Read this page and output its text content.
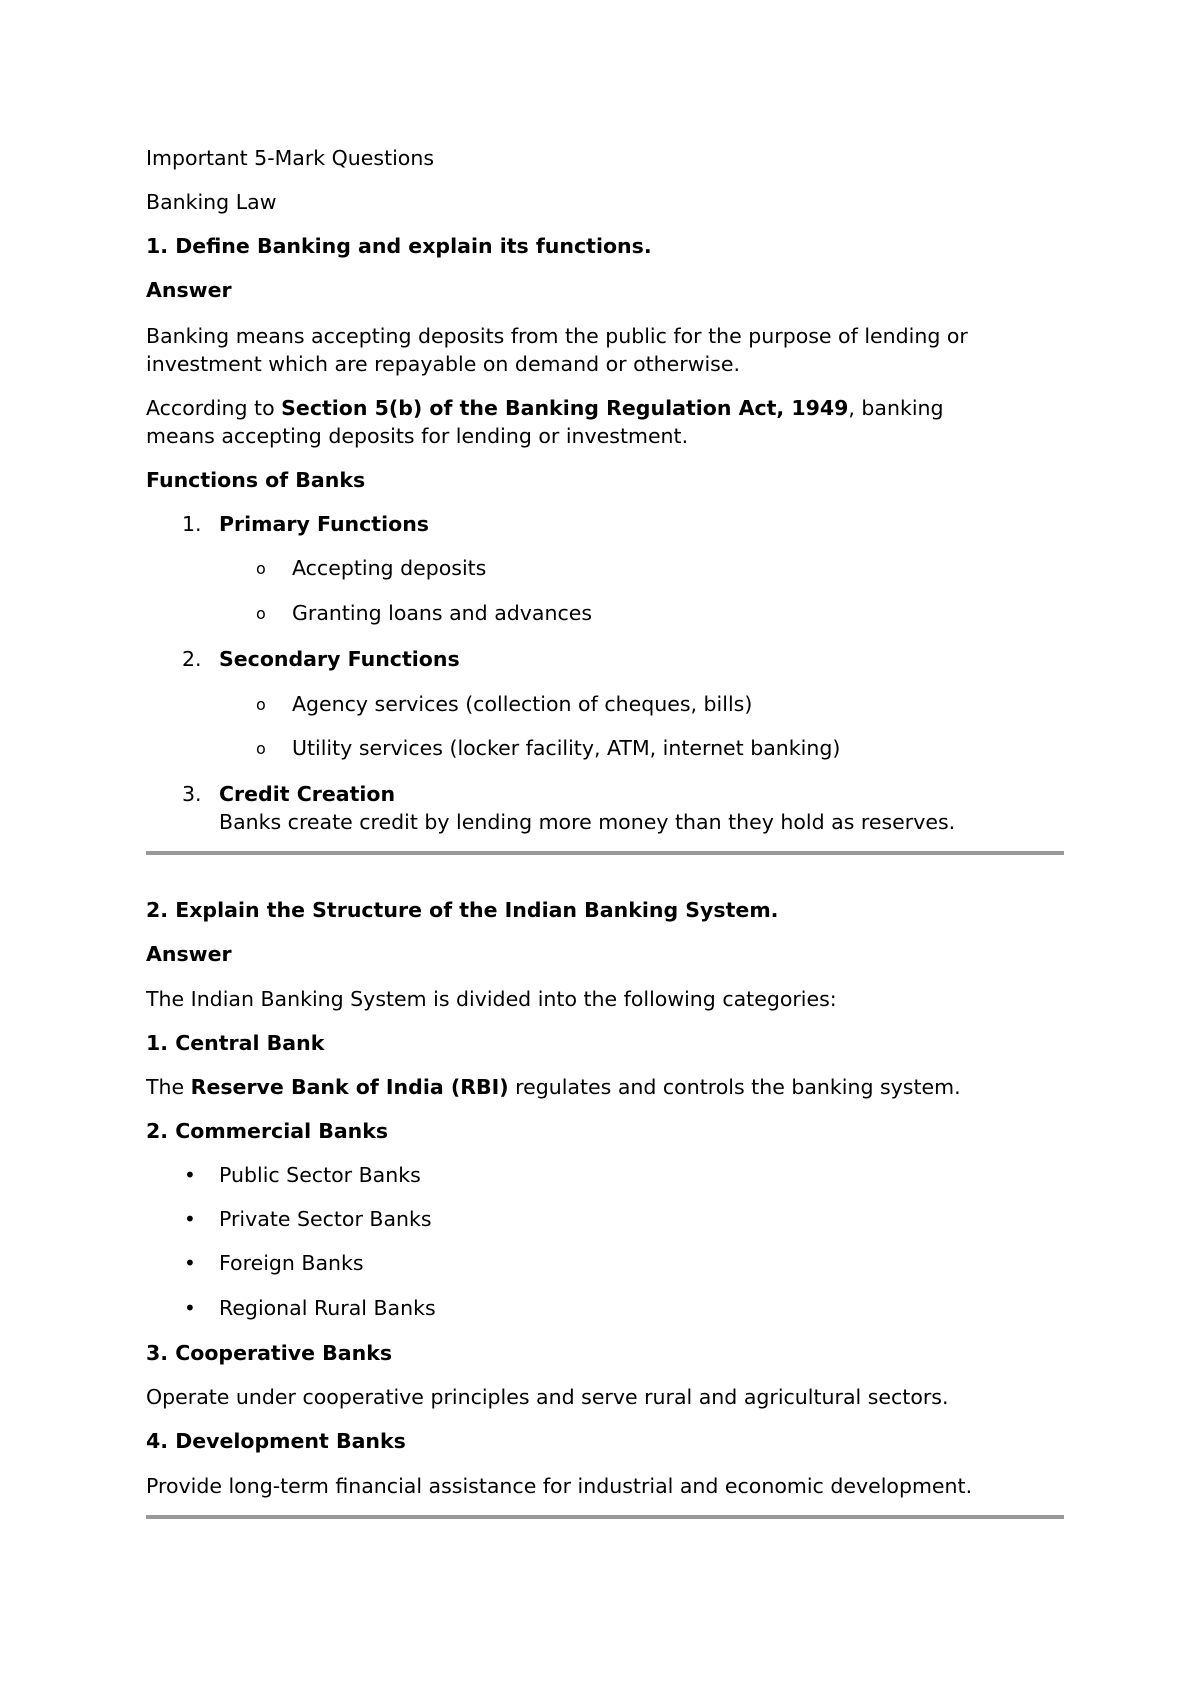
Important 5-Mark Questions
Banking Law
1. Define Banking and explain its functions.
Answer
Banking means accepting deposits from the public for the purpose of lending or
investment which are repayable on demand or otherwise.
According to Section 5(b) of the Banking Regulation Act, 1949, banking
means accepting deposits for lending or investment.
Functions of Banks
1. Primary Functions
o Accepting deposits
o Granting loans and advances
2. Secondary Functions
o Agency services (collection of cheques, bills)
o Utility services (locker facility, ATM, internet banking)
3. Credit Creation
Banks create credit by lending more money than they hold as reserves.
2. Explain the Structure of the Indian Banking System.
Answer
The Indian Banking System is divided into the following categories:
1. Central Bank
The Reserve Bank of India (RBI) regulates and controls the banking system.
2. Commercial Banks
• Public Sector Banks
• Private Sector Banks
• Foreign Banks
• Regional Rural Banks
3. Cooperative Banks
Operate under cooperative principles and serve rural and agricultural sectors.
4. Development Banks
Provide long-term financial assistance for industrial and economic development.
